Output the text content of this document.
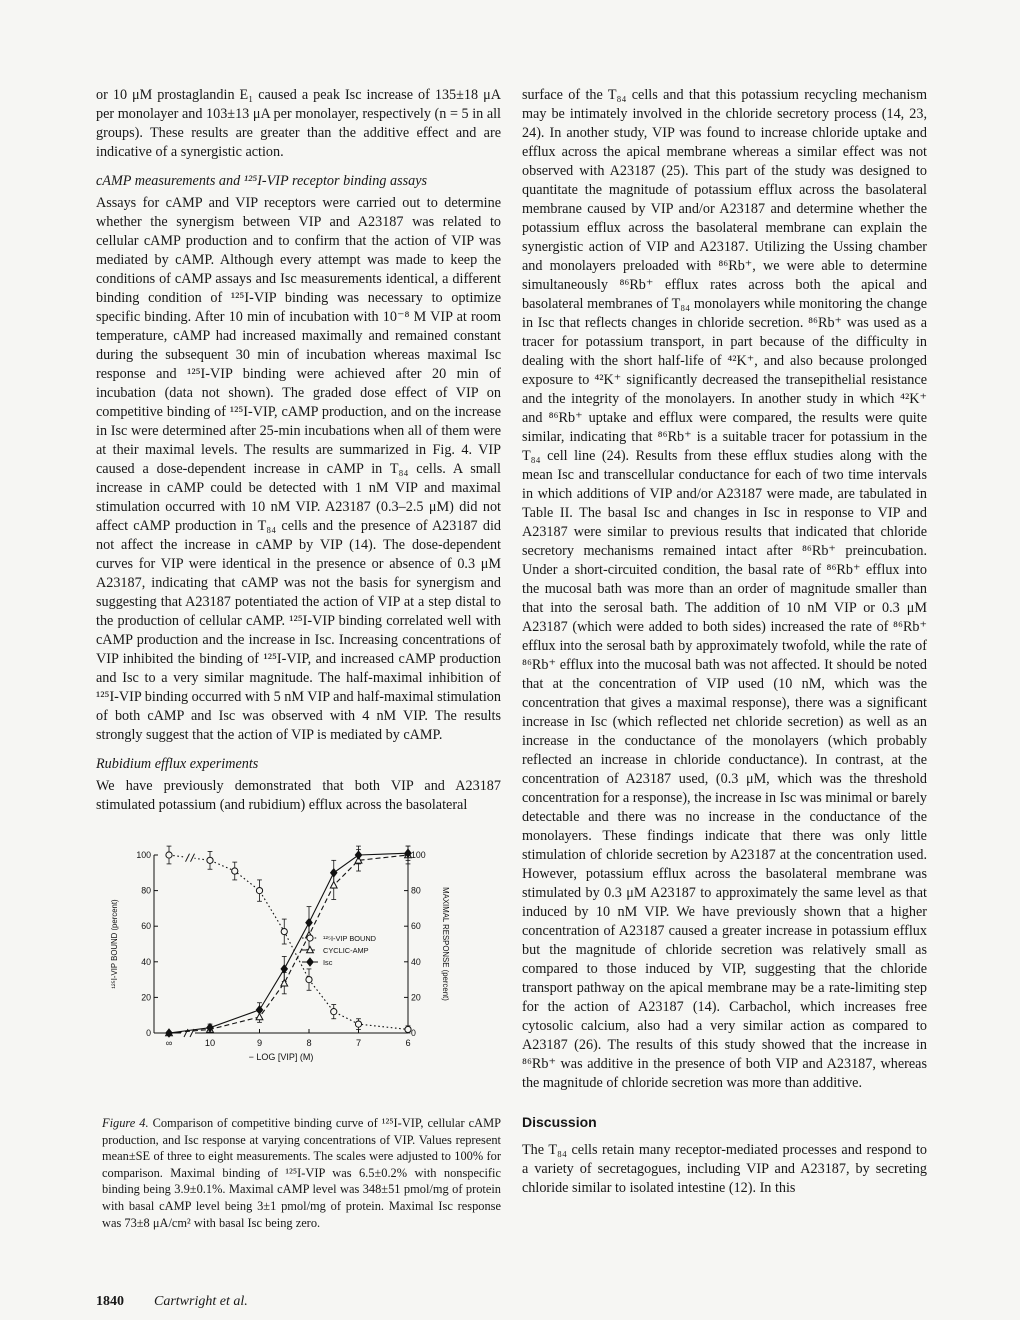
or 10 μM prostaglandin E₁ caused a peak Isc increase of 135±18 μA per monolayer and 103±13 μA per monolayer, respectively (n = 5 in all groups). These results are greater than the additive effect and are indicative of a synergistic action.

cAMP measurements and ¹²⁵I-VIP receptor binding assays

Assays for cAMP and VIP receptors were carried out to determine whether the synergism between VIP and A23187 was related to cellular cAMP production and to confirm that the action of VIP was mediated by cAMP. Although every attempt was made to keep the conditions of cAMP assays and Isc measurements identical, a different binding condition of ¹²⁵I-VIP binding was necessary to optimize specific binding. After 10 min of incubation with 10⁻⁸ M VIP at room temperature, cAMP had increased maximally and remained constant during the subsequent 30 min of incubation whereas maximal Isc response and ¹²⁵I-VIP binding were achieved after 20 min of incubation (data not shown). The graded dose effect of VIP on competitive binding of ¹²⁵I-VIP, cAMP production, and on the increase in Isc were determined after 25-min incubations when all of them were at their maximal levels. The results are summarized in Fig. 4. VIP caused a dose-dependent increase in cAMP in T₈₄ cells. A small increase in cAMP could be detected with 1 nM VIP and maximal stimulation occurred with 10 nM VIP. A23187 (0.3–2.5 μM) did not affect cAMP production in T₈₄ cells and the presence of A23187 did not affect the increase in cAMP by VIP (14). The dose-dependent curves for VIP were identical in the presence or absence of 0.3 μM A23187, indicating that cAMP was not the basis for synergism and suggesting that A23187 potentiated the action of VIP at a step distal to the production of cellular cAMP. ¹²⁵I-VIP binding correlated well with cAMP production and the increase in Isc. Increasing concentrations of VIP inhibited the binding of ¹²⁵I-VIP, and increased cAMP production and Isc to a very similar magnitude. The half-maximal inhibition of ¹²⁵I-VIP binding occurred with 5 nM VIP and half-maximal stimulation of both cAMP and Isc was observed with 4 nM VIP. The results strongly suggest that the action of VIP is mediated by cAMP.

Rubidium efflux experiments

We have previously demonstrated that both VIP and A23187 stimulated potassium (and rubidium) efflux across the basolateral

0	0
20	20
40	40
60	60
80	80
100	100
∞	10	9	8	7	6
− LOG [VIP] (M)
¹²⁵I-VIP BOUND (percent)	MAXIMAL RESPONSE (percent)
¹²⁵I-VIP BOUND
CYCLIC-AMP
Isc
Figure 4. Comparison of competitive binding curve of ¹²⁵I-VIP, cellular cAMP production, and Isc response at varying concentrations of VIP. Values represent mean±SE of three to eight measurements. The scales were adjusted to 100% for comparison. Maximal binding of ¹²⁵I-VIP was 6.5±0.2% with nonspecific binding being 3.9±0.1%. Maximal cAMP level was 348±51 pmol/mg of protein with basal cAMP level being 3±1 pmol/mg of protein. Maximal Isc response was 73±8 μA/cm² with basal Isc being zero.

surface of the T₈₄ cells and that this potassium recycling mechanism may be intimately involved in the chloride secretory process (14, 23, 24). In another study, VIP was found to increase chloride uptake and efflux across the apical membrane whereas a similar effect was not observed with A23187 (25). This part of the study was designed to quantitate the magnitude of potassium efflux across the basolateral membrane caused by VIP and/or A23187 and determine whether the potassium efflux across the basolateral membrane can explain the synergistic action of VIP and A23187. Utilizing the Ussing chamber and monolayers preloaded with ⁸⁶Rb⁺, we were able to determine simultaneously ⁸⁶Rb⁺ efflux rates across both the apical and basolateral membranes of T₈₄ monolayers while monitoring the change in Isc that reflects changes in chloride secretion. ⁸⁶Rb⁺ was used as a tracer for potassium transport, in part because of the difficulty in dealing with the short half-life of ⁴²K⁺, and also because prolonged exposure to ⁴²K⁺ significantly decreased the transepithelial resistance and the integrity of the monolayers. In another study in which ⁴²K⁺ and ⁸⁶Rb⁺ uptake and efflux were compared, the results were quite similar, indicating that ⁸⁶Rb⁺ is a suitable tracer for potassium in the T₈₄ cell line (24). Results from these efflux studies along with the mean Isc and transcellular conductance for each of two time intervals in which additions of VIP and/or A23187 were made, are tabulated in Table II. The basal Isc and changes in Isc in response to VIP and A23187 were similar to previous results that indicated that chloride secretory mechanisms remained intact after ⁸⁶Rb⁺ preincubation. Under a short-circuited condition, the basal rate of ⁸⁶Rb⁺ efflux into the mucosal bath was more than an order of magnitude smaller than that into the serosal bath. The addition of 10 nM VIP or 0.3 μM A23187 (which were added to both sides) increased the rate of ⁸⁶Rb⁺ efflux into the serosal bath by approximately twofold, while the rate of ⁸⁶Rb⁺ efflux into the mucosal bath was not affected. It should be noted that at the concentration of VIP used (10 nM, which was the concentration that gives a maximal response), there was a significant increase in Isc (which reflected net chloride secretion) as well as an increase in the conductance of the monolayers (which probably reflected an increase in chloride conductance). In contrast, at the concentration of A23187 used, (0.3 μM, which was the threshold concentration for a response), the increase in Isc was minimal or barely detectable and there was no increase in the conductance of the monolayers. These findings indicate that there was only little stimulation of chloride secretion by A23187 at the concentration used. However, potassium efflux across the basolateral membrane was stimulated by 0.3 μM A23187 to approximately the same level as that induced by 10 nM VIP. We have previously shown that a higher concentration of A23187 caused a greater increase in potassium efflux but the magnitude of chloride secretion was relatively small as compared to those induced by VIP, suggesting that the chloride transport pathway on the apical membrane may be a rate-limiting step for the action of A23187 (14). Carbachol, which increases free cytosolic calcium, also had a very similar action as compared to A23187 (26). The results of this study showed that the increase in ⁸⁶Rb⁺ was additive in the presence of both VIP and A23187, whereas the magnitude of chloride secretion was more than additive.

Discussion

The T₈₄ cells retain many receptor-mediated processes and respond to a variety of secretagogues, including VIP and A23187, by secreting chloride similar to isolated intestine (12). In this

1840 Cartwright et al.
